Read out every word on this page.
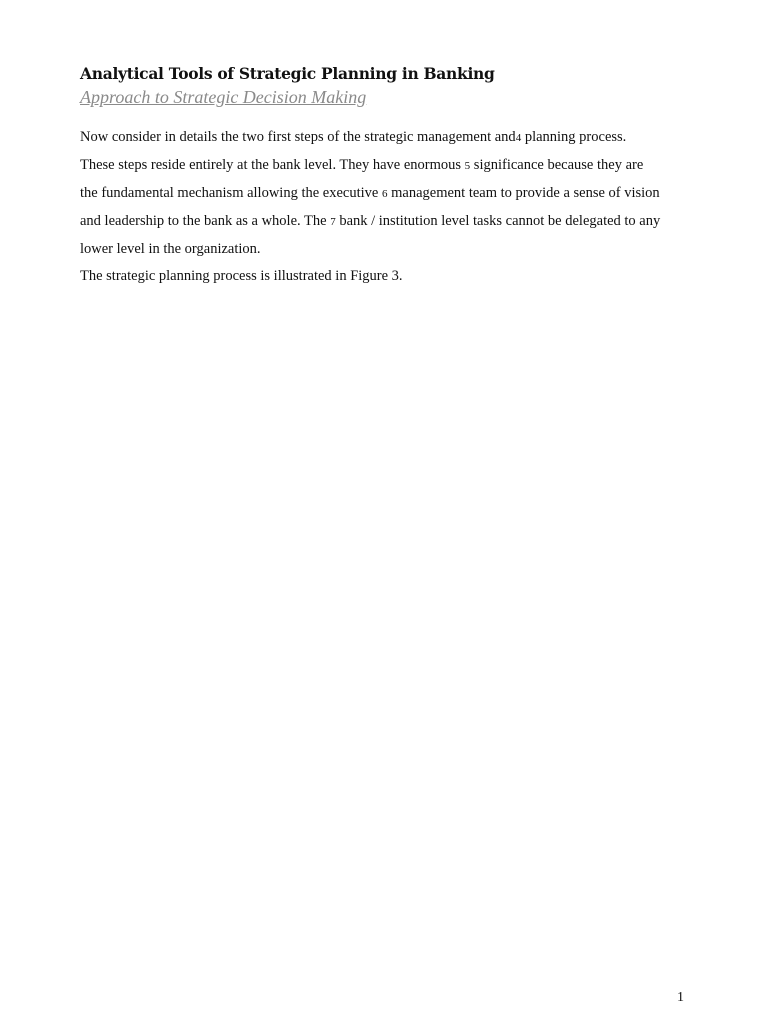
Analytical Tools of Strategic Planning in Banking
Approach to Strategic Decision Making
Now consider in details the two first steps of the strategic management and4 planning process.
These steps reside entirely at the bank level. They have enormous 5 significance because they are
the fundamental mechanism allowing the executive 6 management team to provide a sense of vision
and leadership to the bank as a whole. The 7 bank / institution level tasks cannot be delegated to any
lower level in the organization.
The strategic planning process is illustrated in Figure 3.
1
